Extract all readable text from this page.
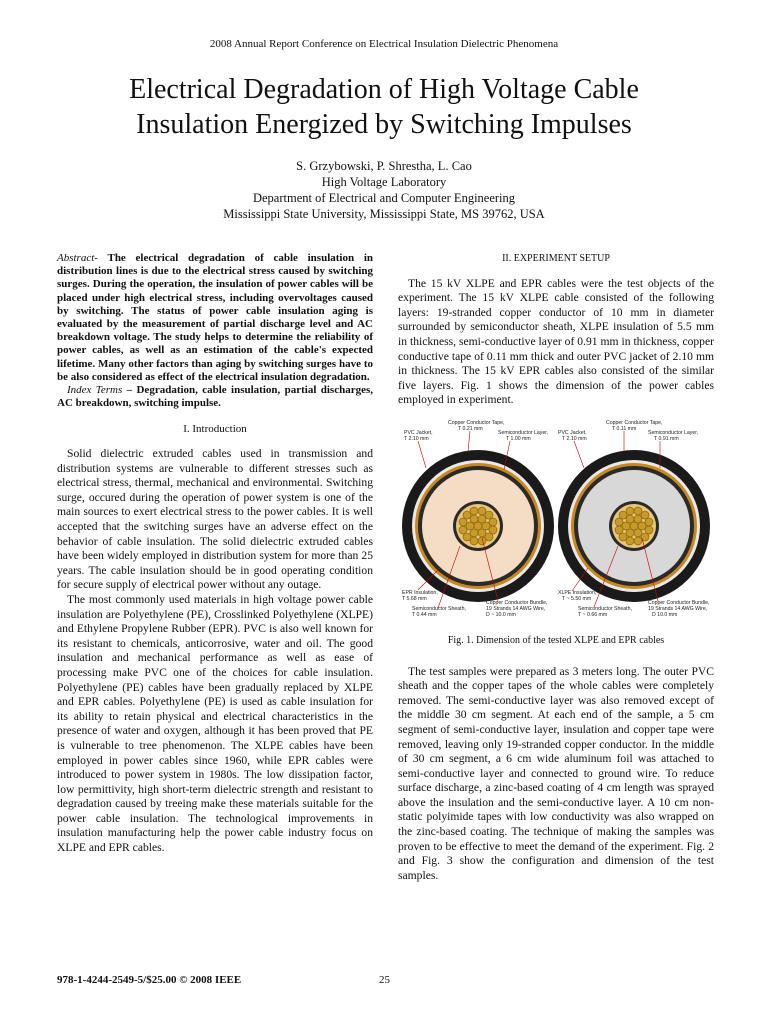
2008 Annual Report Conference on Electrical Insulation Dielectric Phenomena
Electrical Degradation of High Voltage Cable
Insulation Energized by Switching Impulses
S. Grzybowski, P. Shrestha, L. Cao
High Voltage Laboratory
Department of Electrical and Computer Engineering
Mississippi State University, Mississippi State, MS 39762, USA
Abstract- The electrical degradation of cable insulation in distribution lines is due to the electrical stress caused by switching surges. During the operation, the insulation of power cables will be placed under high electrical stress, including overvoltages caused by switching. The status of power cable insulation aging is evaluated by the measurement of partial discharge level and AC breakdown voltage. The study helps to determine the reliability of power cables, as well as an estimation of the cable's expected lifetime. Many other factors than aging by switching surges have to be also considered as effect of the electrical insulation degradation.
Index Terms – Degradation, cable insulation, partial discharges, AC breakdown, switching impulse.
I. Introduction

Solid dielectric extruded cables used in transmission and distribution systems are vulnerable to different stresses such as electrical stress, thermal, mechanical and environmental. Switching surge, occured during the operation of power system is one of the main sources to exert electrical stress to the power cables. It is well accepted that the switching surges have an adverse effect on the behavior of cable insulation. The solid dielectric extruded cables have been widely employed in distribution system for more than 25 years. The cable insulation should be in good operating condition for secure supply of electrical power without any outage.

The most commonly used materials in high voltage power cable insulation are Polyethylene (PE), Crosslinked Polyethylene (XLPE) and Ethylene Propylene Rubber (EPR). PVC is also well known for its resistant to chemicals, anticorrosive, water and oil. The good insulation and mechanical performance as well as ease of processing make PVC one of the choices for cable insulation. Polyethylene (PE) cables have been gradually replaced by XLPE and EPR cables. Polyethylene (PE) is used as cable insulation for its ability to retain physical and electrical characteristics in the presence of water and oxygen, although it has been proved that PE is vulnerable to tree phenomenon. The XLPE cables have been employed in power cables since 1960, while EPR cables were introduced to power system in 1980s. The low dissipation factor, low permittivity, high short-term dielectric strength and resistant to degradation caused by treeing make these materials suitable for the power cable insulation. The technological improvements in insulation manufacturing help the power cable industry focus on XLPE and EPR cables.

II. EXPERIMENT SETUP

The 15 kV XLPE and EPR cables were the test objects of the experiment. The 15 kV XLPE cable consisted of the following layers: 19-stranded copper conductor of 10 mm in diameter surrounded by semiconductor sheath, XLPE insulation of 5.5 mm in thickness, semi-conductive layer of 0.91 mm in thickness, copper conductive tape of 0.11 mm thick and outer PVC jacket of 2.10 mm in thickness. The 15 kV EPR cables also consisted of the similar five layers. Fig. 1 shows the dimension of the power cables employed in experiment.

Copper Conductor Tape,
T 0.21 mm
PVC Jacket,
T 2.10 mm
Semiconductor Layer,
T 1.00 mm
EPR Insulation,
T 5.68 mm
Semiconductor Sheath,
T 0.44 mm
Copper Conductor Bundle,
19 Strands 14 AWG Wire,
D ~ 10.0 mm
Copper Conductor Tape,
T 0.11 mm
PVC Jacket,
T 2.10 mm
Semiconductor Layer,
T 0.91 mm
XLPE Insulation,
T ~ 5.50 mm
Semiconductor Sheath,
T ~ 0.66 mm
Copper Conductor Bundle,
19 Strands 14 AWG Wire,
D 10.0 mm
Fig. 1. Dimension of the tested XLPE and EPR cables

The test samples were prepared as 3 meters long. The outer PVC sheath and the copper tapes of the whole cables were completely removed. The semi-conductive layer was also removed except of the middle 30 cm segment. At each end of the sample, a 5 cm segment of semi-conductive layer, insulation and copper tape were removed, leaving only 19-stranded copper conductor. In the middle of 30 cm segment, a 6 cm wide aluminum foil was attached to semi-conductive layer and connected to ground wire. To reduce surface discharge, a zinc-based coating of 4 cm length was sprayed above the insulation and the semi-conductive layer. A 10 cm non-static polyimide tapes with low conductivity was also wrapped on the zinc-based coating. The technique of making the samples was proven to be effective to meet the demand of the experiment. Fig. 2 and Fig. 3 show the configuration and dimension of the test samples.

978-1-4244-2549-5/$25.00 © 2008 IEEE	25
